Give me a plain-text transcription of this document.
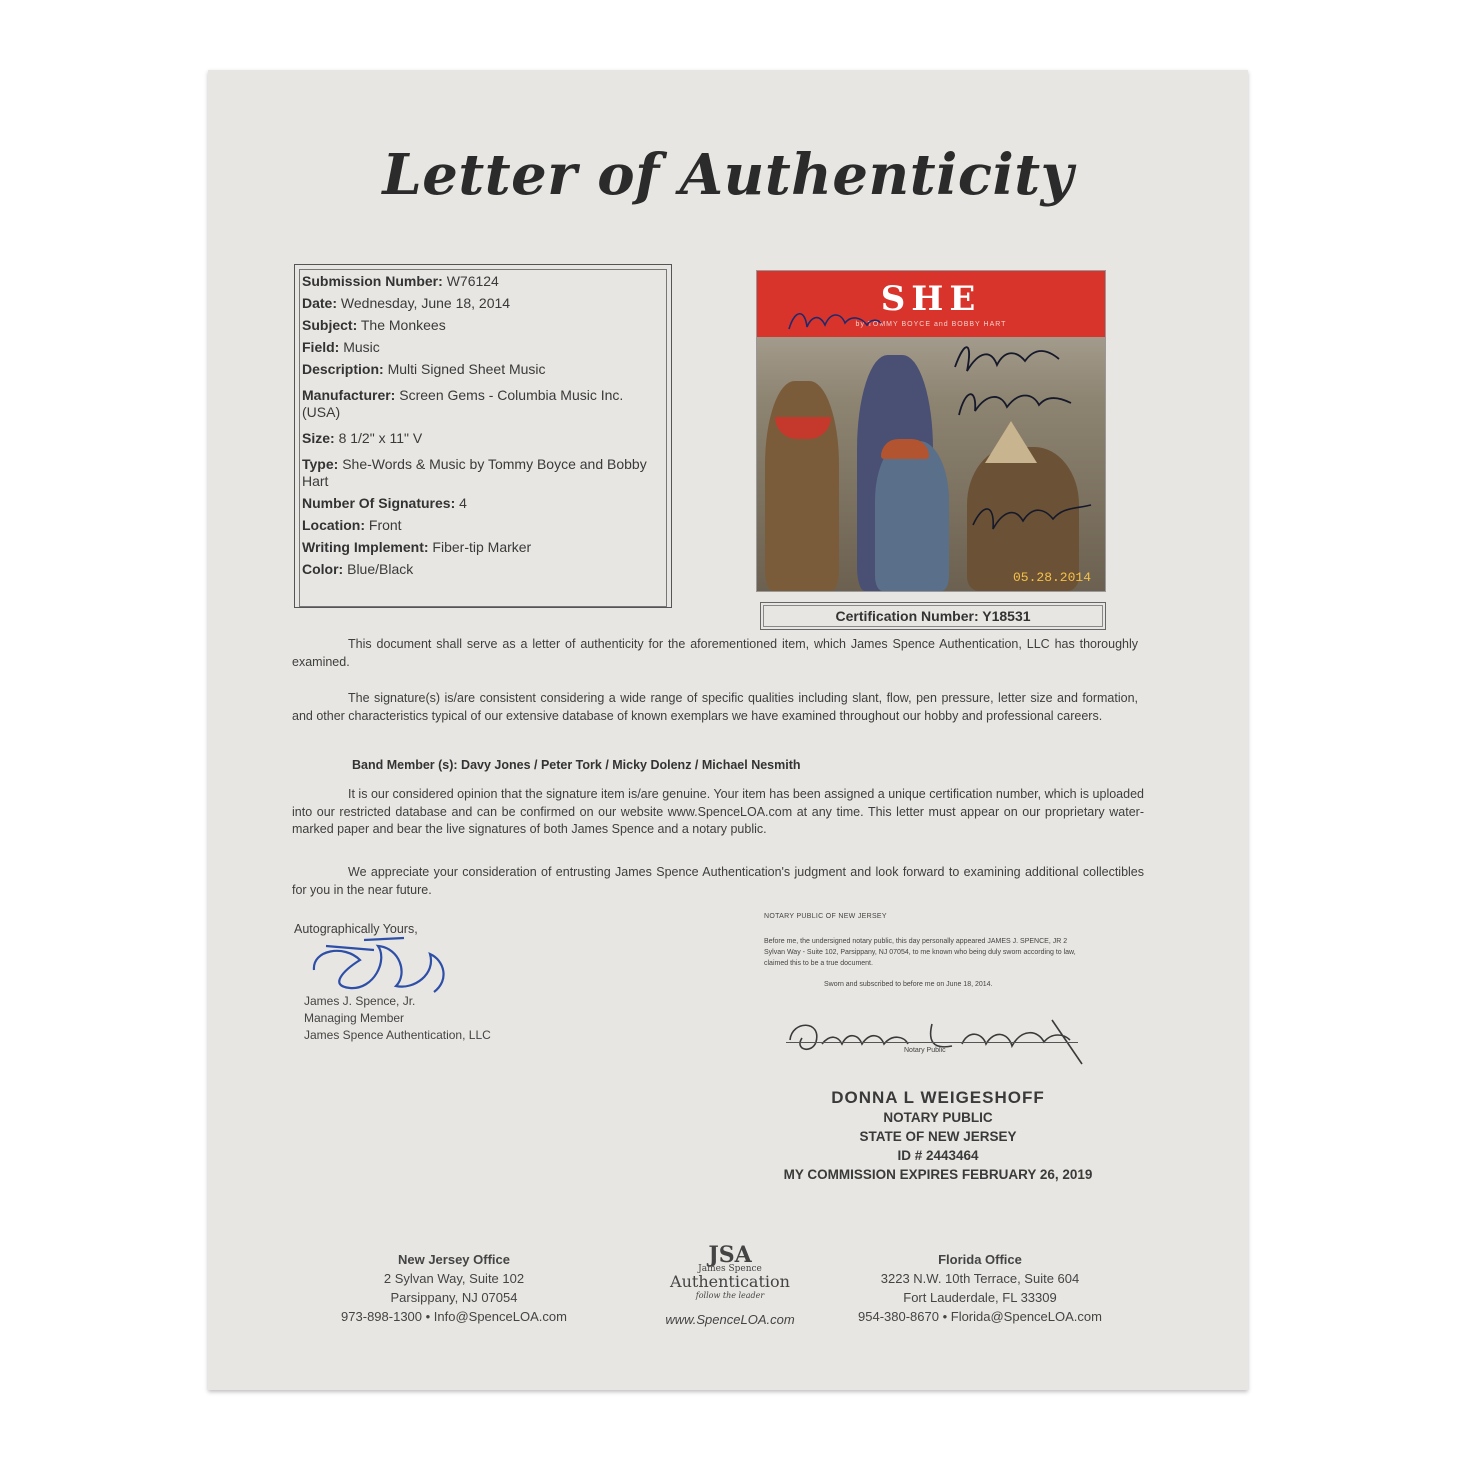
Letter of Authenticity
Submission Number: W76124
Date: Wednesday, June 18, 2014
Subject: The Monkees
Field: Music
Description: Multi Signed Sheet Music
Manufacturer: Screen Gems - Columbia Music Inc. (USA)
Size: 8 1/2" x 11" V
Type: She-Words & Music by Tommy Boyce and Bobby Hart
Number Of Signatures: 4
Location: Front
Writing Implement: Fiber-tip Marker
Color: Blue/Black
SHE
by TOMMY BOYCE and BOBBY HART
05.28.2014
Certification Number: Y18531

This document shall serve as a letter of authenticity for the aforementioned item, which James Spence Authentication, LLC has thoroughly examined.

The signature(s) is/are consistent considering a wide range of specific qualities including slant, flow, pen pressure, letter size and formation, and other characteristics typical of our extensive database of known exemplars we have examined throughout our hobby and professional careers.

Band Member (s): Davy Jones / Peter Tork / Micky Dolenz / Michael Nesmith

It is our considered opinion that the signature item is/are genuine. Your item has been assigned a unique certification number, which is uploaded into our restricted database and can be confirmed on our website www.SpenceLOA.com at any time. This letter must appear on our proprietary water-marked paper and bear the live signatures of both James Spence and a notary public.

We appreciate your consideration of entrusting James Spence Authentication's judgment and look forward to examining additional collectibles for you in the near future.

Autographically Yours,
James J. Spence, Jr.
Managing Member
James Spence Authentication, LLC
NOTARY PUBLIC OF NEW JERSEY

Before me, the undersigned notary public, this day personally appeared JAMES J. SPENCE, JR 2 Sylvan Way - Suite 102, Parsippany, NJ 07054, to me known who being duly sworn according to law, claimed this to be a true document.

Sworn and subscribed to before me on June 18, 2014.
Notary Public
DONNA L WEIGESHOFF
NOTARY PUBLIC
STATE OF NEW JERSEY
ID # 2443464
MY COMMISSION EXPIRES FEBRUARY 26, 2019
New Jersey Office
2 Sylvan Way, Suite 102
Parsippany, NJ 07054
973-898-1300 • Info@SpenceLOA.com
JSA
James Spence
Authentication
follow the leader
www.SpenceLOA.com
Florida Office
3223 N.W. 10th Terrace, Suite 604
Fort Lauderdale, FL 33309
954-380-8670 • Florida@SpenceLOA.com
